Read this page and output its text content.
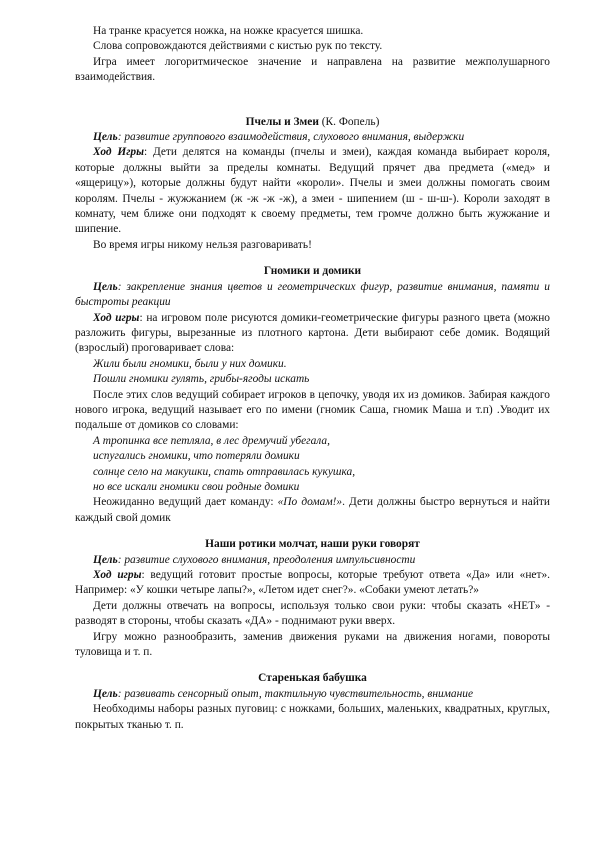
На транке красуется ножка, на ножке красуется шишка.

Слова сопровождаются действиями с кистью рук по тексту.

Игра имеет логоритмическое значение и направлена на развитие межполушарного взаимодействия.

Пчелы и Змеи (К. Фопель)

Цель: развитие группового взаимодействия, слухового внимания, выдержки

Ход Игры: Дети делятся на команды (пчелы и змеи), каждая команда выбирает короля, которые должны выйти за пределы комнаты. Ведущий прячет два предмета («мед» и «ящерицу»), которые должны будут найти «короли». Пчелы и змеи должны помогать своим королям. Пчелы - жужжанием (ж -ж -ж -ж), а змеи - шипением (ш - ш-ш-). Короли заходят в комнату, чем ближе они подходят к своему предметы, тем громче должно быть жужжание и шипение.

Во время игры никому нельзя разговаривать!

Гномики и домики

Цель: закрепление знания цветов и геометрических фигур, развитие внимания, памяти и быстроты реакции

Ход игры: на игровом поле рисуются домики-геометрические фигуры разного цвета (можно разложить фигуры, вырезанные из плотного картона. Дети выбирают себе домик. Водящий (взрослый) проговаривает слова:

Жили были гномики, были у них домики.

Пошли гномики гулять, грибы-ягоды искать

После этих слов ведущий собирает игроков в цепочку, уводя их из домиков. Забирая каждого нового игрока, ведущий называет его по имени (гномик Саша, гномик Маша и т.п) .Уводит их подальше от домиков со словами:

А тропинка все петляла, в лес дремучий убегала,

испугались гномики, что потеряли домики

солнце село на макушки, спать отправилась кукушка,

но все искали гномики свои родные домики

Неожиданно ведущий дает команду: «По домам!». Дети должны быстро вернуться и найти каждый свой домик

Наши ротики молчат, наши руки говорят

Цель: развитие слухового внимания, преодоления импульсивности

Ход игры: ведущий готовит простые вопросы, которые требуют ответа «Да» или «нет». Например: «У кошки четыре лапы?», «Летом идет снег?». «Собаки умеют летать?»

Дети должны отвечать на вопросы, используя только свои руки: чтобы сказать «НЕТ» - разводят в стороны, чтобы сказать «ДА» - поднимают руки вверх.

Игру можно разнообразить, заменив движения руками на движения ногами, повороты туловища и т. п.

Старенькая бабушка

Цель: развивать сенсорный опыт, тактильную чувствительность, внимание

Необходимы наборы разных пуговиц: с ножками, больших, маленьких, квадратных, круглых, покрытых тканью т. п.
